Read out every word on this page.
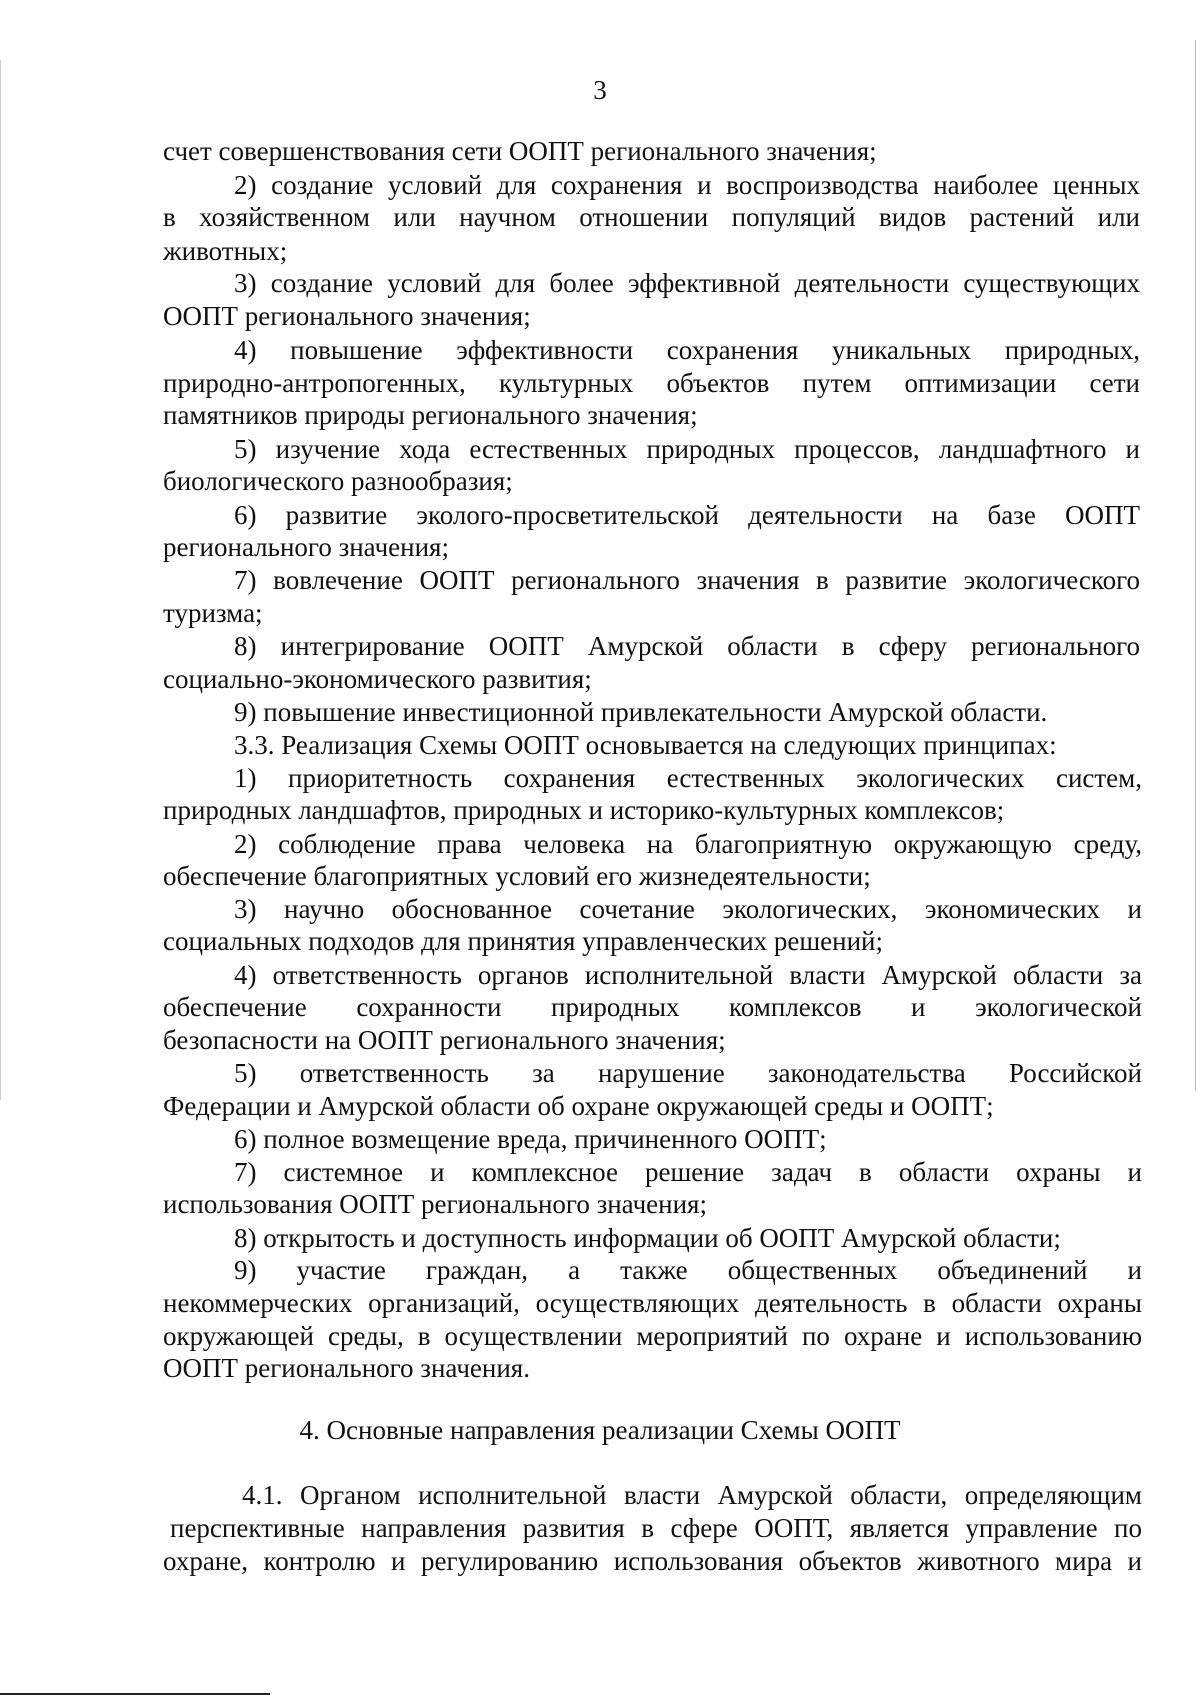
3
счет совершенствования сети ООПТ регионального значения;
2) создание условий для сохранения и воспроизводства наиболее ценных
в хозяйственном или научном отношении популяций видов растений или
животных;
3) создание условий для более эффективной деятельности существующих
ООПТ регионального значения;
4) повышение эффективности сохранения уникальных природных,
природно-антропогенных, культурных объектов путем оптимизации сети
памятников природы регионального значения;
5) изучение хода естественных природных процессов, ландшафтного и
биологического разнообразия;
6) развитие эколого-просветительской деятельности на базе ООПТ
регионального значения;
7) вовлечение ООПТ регионального значения в развитие экологического
туризма;
8) интегрирование ООПТ Амурской области в сферу регионального
социально-экономического развития;
9) повышение инвестиционной привлекательности Амурской области.
3.3. Реализация Схемы ООПТ основывается на следующих принципах:
1) приоритетность сохранения естественных экологических систем,
природных ландшафтов, природных и историко-культурных комплексов;
2) соблюдение права человека на благоприятную окружающую среду,
обеспечение благоприятных условий его жизнедеятельности;
3) научно обоснованное сочетание экологических, экономических и
социальных подходов для принятия управленческих решений;
4) ответственность органов исполнительной власти Амурской области за
обеспечение сохранности природных комплексов и экологической
безопасности на ООПТ регионального значения;
5) ответственность за нарушение законодательства Российской
Федерации и Амурской области об охране окружающей среды и ООПТ;
6) полное возмещение вреда, причиненного ООПТ;
7) системное и комплексное решение задач в области охраны и
использования ООПТ регионального значения;
8) открытость и доступность информации об ООПТ Амурской области;
9) участие граждан, а также общественных объединений и
некоммерческих организаций, осуществляющих деятельность в области охраны
окружающей среды, в осуществлении мероприятий по охране и использованию
ООПТ регионального значения.
4. Основные направления реализации Схемы ООПТ
4.1. Органом исполнительной власти Амурской области, определяющим
перспективные направления развития в сфере ООПТ, является управление по
охране, контролю и регулированию использования объектов животного мира и
